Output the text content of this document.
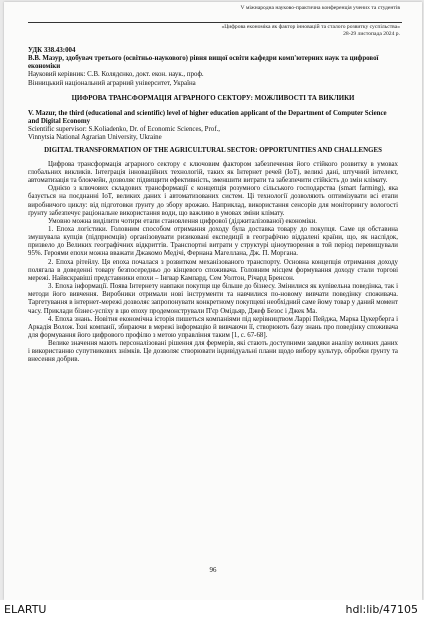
V міжнародна науково-практична конференція учених та студентів
«Цифрова економіка як фактор інновацій та сталого розвитку суспільства»
28-29 листопада 2024 р.
УДК 338.43:004
В.В. Мазур, здобувач третього (освітньо-наукового) рівня вищої освіти кафедри комп'ютерних наук та цифрової економіки
Науковий керівник: С.В. Колядєнко, докт. екон. наук., проф.
Вінницький національний аграрний університет, Україна
ЦИФРОВА ТРАНСФОРМАЦІЯ АГРАРНОГО СЕКТОРУ: МОЖЛИВОСТІ ТА ВИКЛИКИ
V. Mazur, the third (educational and scientific) level of higher education applicant of the Department of Computer Science and Digital Economy
Scientific supervisor: S.Koliadenko, Dr. of Economic Sciences, Prof.,
Vinnytsia National Agrarian University, Ukraine
DIGITAL TRANSFORMATION OF THE AGRICULTURAL SECTOR: OPPORTUNITIES AND CHALLENGES

Цифрова трансформація аграрного сектору є ключовим фактором забезпечення його стійкого розвитку в умовах глобальних викликів. Інтеграція інноваційних технологій, таких як Інтернет речей (IoT), великі дані, штучний інтелект, автоматизація та блокчейн, дозволяє підвищити ефективність, зменшити витрати та забезпечити стійкість до змін клімату.

Однією з ключових складових трансформації є концепція розумного сільського господарства (smart farming), яка базується на поєднанні IoT, великих даних і автоматизованих систем. Ці технології дозволяють оптимізувати всі етапи виробничого циклу: від підготовки ґрунту до збору врожаю. Наприклад, використання сенсорів для моніторингу вологості ґрунту забезпечує раціональне використання води, що важливо в умовах зміни клімату.

Умовно можна виділити чотири етапи становлення цифрової (діджиталізованої) економіки.

1. Епоха логістики. Головним способом отримання доходу була доставка товару до покупця. Саме ця обставина змушувала купців (підприємців) організовувати ризиковані експедиції в географічно віддалені країни, що, як наслідок, призвело до Великих географічних відкриттів. Транспортні витрати у структурі ціноутворення в той період перевищували 95%. Героями епохи можна вважати Джакомо Медічі, Фернана Магеллана, Дж. П. Моргана.

2. Епоха рітейлу. Ця епоха почалася з розвитком механізованого транспорту. Основна концепція отримання доходу полягала в доведенні товару безпосередньо до кінцевого споживача. Головним місцем формування доходу стали торгові мережі. Найяскравіші представники епохи – Інгвар Кампард, Сем Уолтон, Річард Бренсон.

3. Епоха інформації. Поява Інтернету навпаки покупця ще більше до бізнесу. Змінилися як купівельна поведінка, так і методи його вивчення. Виробники отримали нові інструменти та навчилися по-новому вивчати поведінку споживача. Таргетування в інтернет-мережі дозволяє запропонувати конкретному покупцеві необхідний саме йому товар у даний момент часу. Приклади бізнес-успіху в цю епоху продемонстрували П'єр Омідьяр, Джеф Безос і Джек Ма.

4. Епоха знань. Новітня економічна історія пишеться компаніями під керівництвом Ларрі Пейджа, Марка Цукерберга і Аркадія Волож. Їхні компанії, збираючи в мережі інформацію й вивчаючи її, створюють базу знань про поведінку споживача для формування його цифрового профілю з метою управління таким [1, с. 67-68].

Велике значення мають персоналізовані рішення для фермерів, які стають доступними завдяки аналізу великих даних і використанню супутникових знімків. Це дозволяє створювати індивідуальні плани щодо вибору культур, обробки ґрунту та внесення добрив.

96
ELARTU	hdl:lib/47105
